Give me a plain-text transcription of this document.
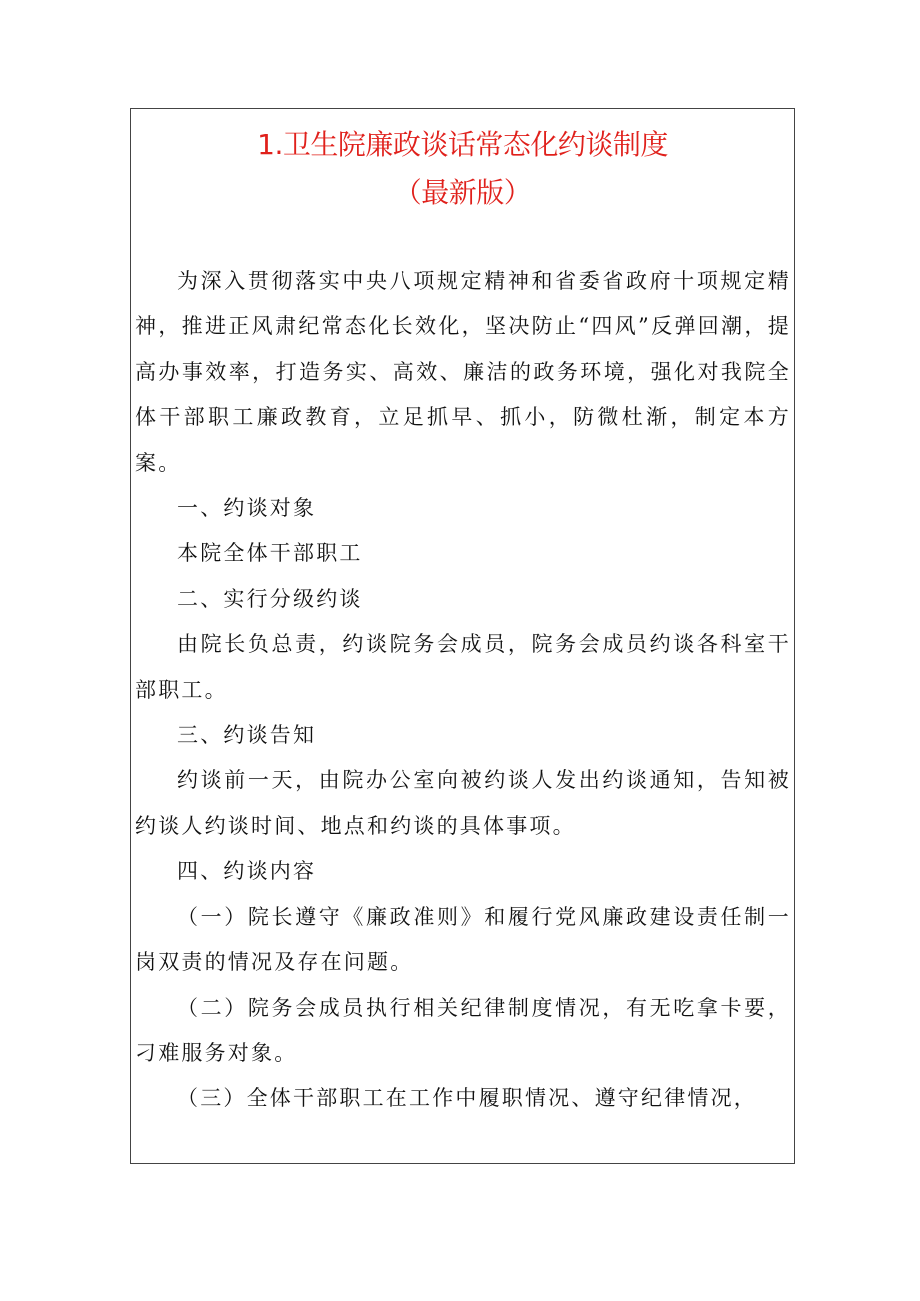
1.卫生院廉政谈话常态化约谈制度
（最新版）

为深入贯彻落实中央八项规定精神和省委省政府十项规定精神，推进正风肃纪常态化长效化，坚决防止“四风”反弹回潮，提高办事效率，打造务实、高效、廉洁的政务环境，强化对我院全体干部职工廉政教育，立足抓早、抓小，防微杜渐，制定本方案。

一、约谈对象

本院全体干部职工

二、实行分级约谈

由院长负总责，约谈院务会成员，院务会成员约谈各科室干部职工。

三、约谈告知

约谈前一天，由院办公室向被约谈人发出约谈通知，告知被约谈人约谈时间、地点和约谈的具体事项。

四、约谈内容

（一）院长遵守《廉政准则》和履行党风廉政建设责任制一岗双责的情况及存在问题。

（二）院务会成员执行相关纪律制度情况，有无吃拿卡要，刁难服务对象。

（三）全体干部职工在工作中履职情况、遵守纪律情况，
